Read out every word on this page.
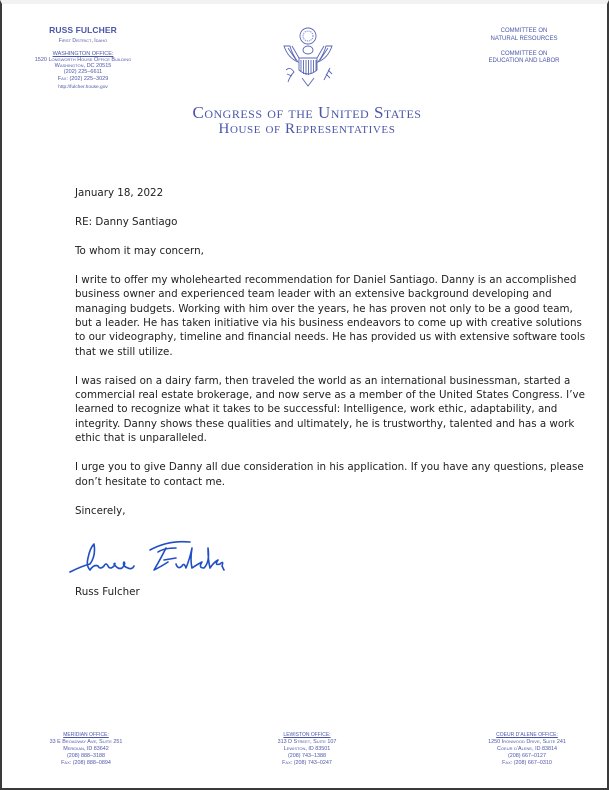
RUSS FULCHER
First District, Idaho
WASHINGTON OFFICE:
1520 Longworth House Office Building
Washington, DC 20515
(202) 225–6611
Fax: (202) 225–3029
http://fulcher.house.gov
COMMITTEE ON
NATURAL RESOURCES
COMMITTEE ON
EDUCATION AND LABOR
Congress of the United States
House of Representatives

January 18, 2022

RE: Danny Santiago

To whom it may concern,

I write to offer my wholehearted recommendation for Daniel Santiago. Danny is an accomplished business owner and experienced team leader with an extensive background developing and managing budgets. Working with him over the years, he has proven not only to be a good team, but a leader. He has taken initiative via his business endeavors to come up with creative solutions to our videography, timeline and financial needs. He has provided us with extensive software tools that we still utilize.

I was raised on a dairy farm, then traveled the world as an international businessman, started a commercial real estate brokerage, and now serve as a member of the United States Congress. I’ve learned to recognize what it takes to be successful: Intelligence, work ethic, adaptability, and integrity. Danny shows these qualities and ultimately, he is trustworthy, talented and has a work ethic that is unparalleled.

I urge you to give Danny all due consideration in his application. If you have any questions, please don’t hesitate to contact me.

Sincerely,

Russ Fulcher
MERIDIAN OFFICE:
33 E Broadway Ave, Suite 251
Meridian, ID 83642
(208) 888–3188
Fax: (208) 888–0894
LEWISTON OFFICE:
313 D Street, Suite 107
Lewiston, ID 83501
(208) 743–1388
Fax: (208) 743–0247
COEUR D’ALENE OFFICE:
1250 Ironwood Drive, Suite 241
Coeur d’Alene, ID 83814
(208) 667–0127
Fax: (208) 667–0310
